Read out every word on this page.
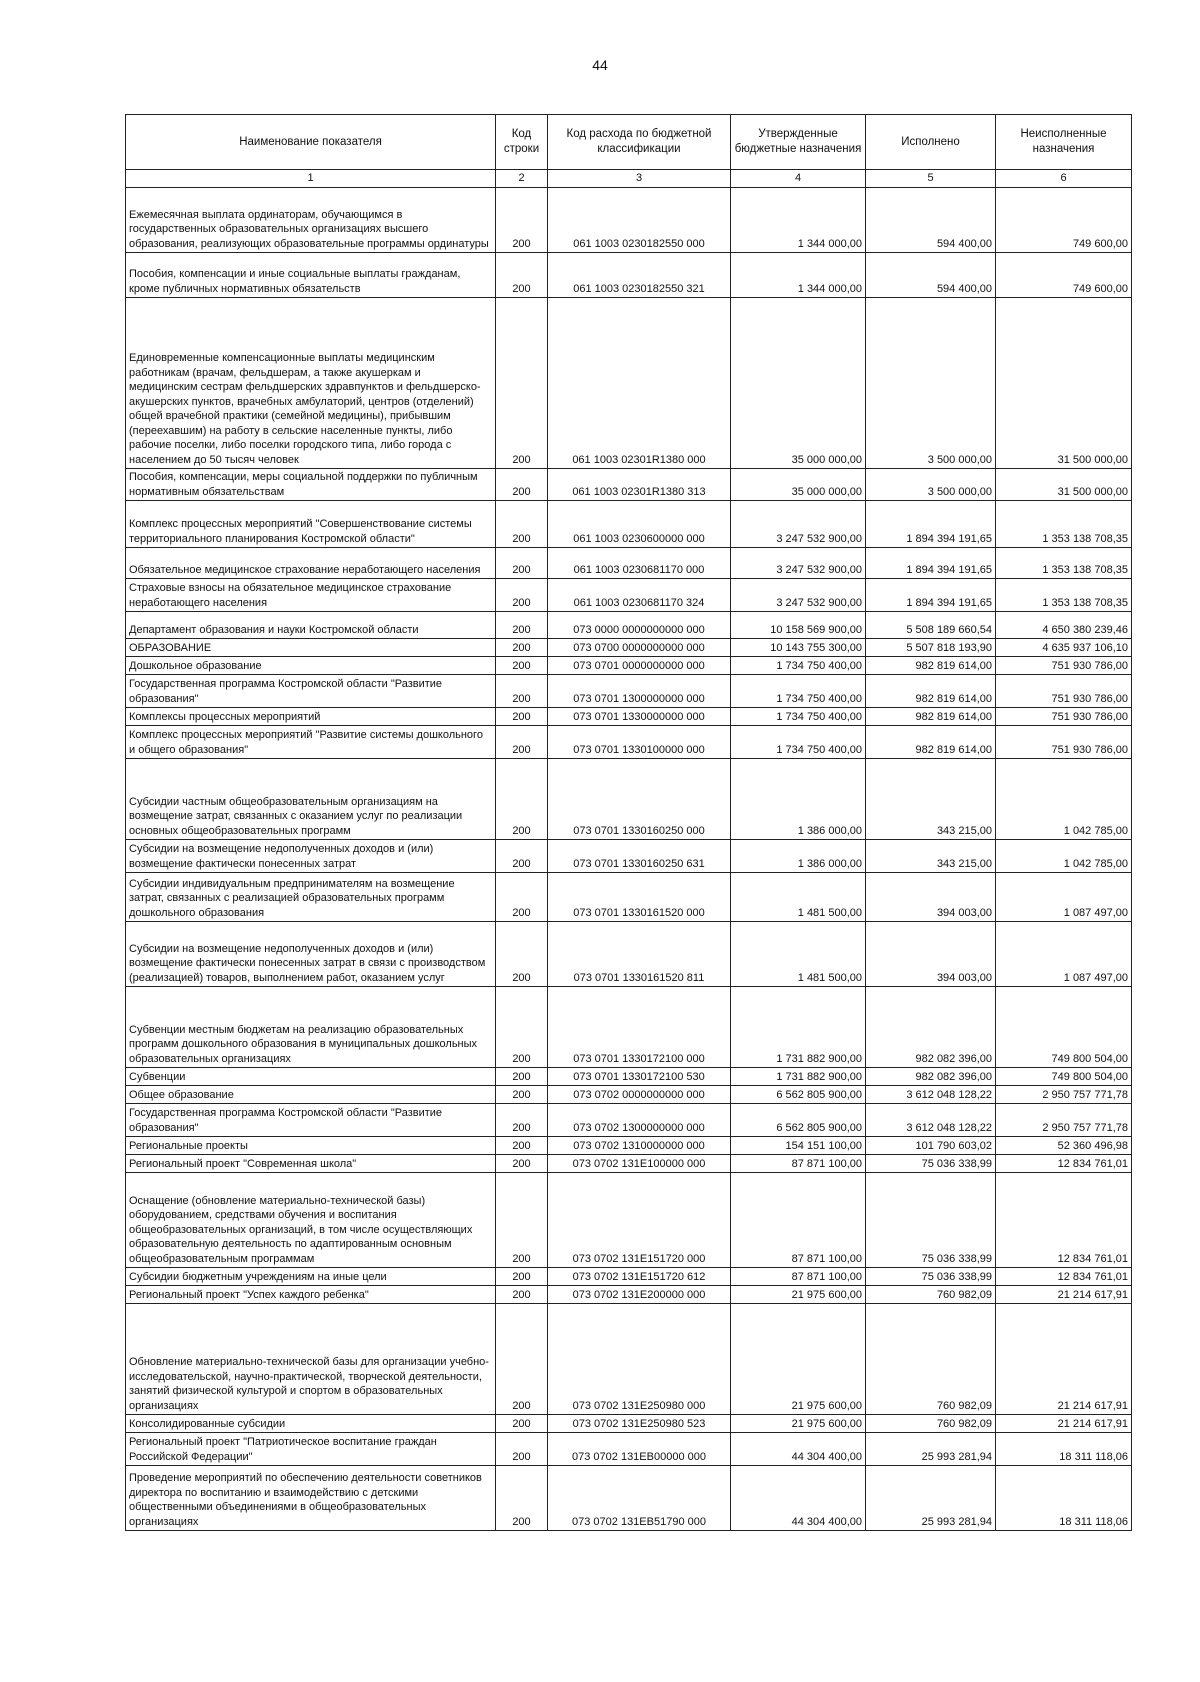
44
Наименование показателя	Код строки	Код расхода по бюджетной классификации	Утвержденные бюджетные назначения	Исполнено	Неисполненные назначения
1	2	3	4	5	6
Ежемесячная выплата ординаторам, обучающимся в государственных образовательных организациях высшего образования, реализующих образовательные программы ординатуры	200	061 1003 0230182550 000	1 344 000,00	594 400,00	749 600,00
Пособия, компенсации и иные социальные выплаты гражданам, кроме публичных нормативных обязательств	200	061 1003 0230182550 321	1 344 000,00	594 400,00	749 600,00
Единовременные компенсационные выплаты медицинским работникам (врачам, фельдшерам, а также акушеркам и медицинским сестрам фельдшерских здравпунктов и фельдшерско-акушерских пунктов, врачебных амбулаторий, центров (отделений) общей врачебной практики (семейной медицины), прибывшим (переехавшим) на работу в сельские населенные пункты, либо рабочие поселки, либо поселки городского типа, либо города с населением до 50 тысяч человек	200	061 1003 02301R1380 000	35 000 000,00	3 500 000,00	31 500 000,00
Пособия, компенсации, меры социальной поддержки по публичным нормативным обязательствам	200	061 1003 02301R1380 313	35 000 000,00	3 500 000,00	31 500 000,00
Комплекс процессных мероприятий "Совершенствование системы территориального планирования Костромской области"	200	061 1003 0230600000 000	3 247 532 900,00	1 894 394 191,65	1 353 138 708,35
Обязательное медицинское страхование неработающего населения	200	061 1003 0230681170 000	3 247 532 900,00	1 894 394 191,65	1 353 138 708,35
Страховые взносы на обязательное медицинское страхование неработающего населения	200	061 1003 0230681170 324	3 247 532 900,00	1 894 394 191,65	1 353 138 708,35
Департамент образования и науки Костромской области	200	073 0000 0000000000 000	10 158 569 900,00	5 508 189 660,54	4 650 380 239,46
ОБРАЗОВАНИЕ	200	073 0700 0000000000 000	10 143 755 300,00	5 507 818 193,90	4 635 937 106,10
Дошкольное образование	200	073 0701 0000000000 000	1 734 750 400,00	982 819 614,00	751 930 786,00
Государственная программа Костромской области "Развитие образования"	200	073 0701 1300000000 000	1 734 750 400,00	982 819 614,00	751 930 786,00
Комплексы процессных мероприятий	200	073 0701 1330000000 000	1 734 750 400,00	982 819 614,00	751 930 786,00
Комплекс процессных мероприятий "Развитие системы дошкольного и общего образования"	200	073 0701 1330100000 000	1 734 750 400,00	982 819 614,00	751 930 786,00
Субсидии частным общеобразовательным организациям на возмещение затрат, связанных с оказанием услуг по реализации основных общеобразовательных программ	200	073 0701 1330160250 000	1 386 000,00	343 215,00	1 042 785,00
Субсидии на возмещение недополученных доходов и (или) возмещение фактически понесенных затрат	200	073 0701 1330160250 631	1 386 000,00	343 215,00	1 042 785,00
Субсидии индивидуальным предпринимателям на возмещение затрат, связанных с реализацией образовательных программ дошкольного образования	200	073 0701 1330161520 000	1 481 500,00	394 003,00	1 087 497,00
Субсидии на возмещение недополученных доходов и (или) возмещение фактически понесенных затрат в связи с производством (реализацией) товаров, выполнением работ, оказанием услуг	200	073 0701 1330161520 811	1 481 500,00	394 003,00	1 087 497,00
Субвенции местным бюджетам на реализацию образовательных программ дошкольного образования в муниципальных дошкольных образовательных организациях	200	073 0701 1330172100 000	1 731 882 900,00	982 082 396,00	749 800 504,00
Субвенции	200	073 0701 1330172100 530	1 731 882 900,00	982 082 396,00	749 800 504,00
Общее образование	200	073 0702 0000000000 000	6 562 805 900,00	3 612 048 128,22	2 950 757 771,78
Государственная программа Костромской области "Развитие образования"	200	073 0702 1300000000 000	6 562 805 900,00	3 612 048 128,22	2 950 757 771,78
Региональные проекты	200	073 0702 1310000000 000	154 151 100,00	101 790 603,02	52 360 496,98
Региональный проект "Современная школа"	200	073 0702 131E100000 000	87 871 100,00	75 036 338,99	12 834 761,01
Оснащение (обновление материально-технической базы) оборудованием, средствами обучения и воспитания общеобразовательных организаций, в том числе осуществляющих образовательную деятельность по адаптированным основным общеобразовательным программам	200	073 0702 131E151720 000	87 871 100,00	75 036 338,99	12 834 761,01
Субсидии бюджетным учреждениям на иные цели	200	073 0702 131E151720 612	87 871 100,00	75 036 338,99	12 834 761,01
Региональный проект "Успех каждого ребенка"	200	073 0702 131E200000 000	21 975 600,00	760 982,09	21 214 617,91
Обновление материально-технической базы для организации учебно-исследовательской, научно-практической, творческой деятельности, занятий физической культурой и спортом в образовательных организациях	200	073 0702 131E250980 000	21 975 600,00	760 982,09	21 214 617,91
Консолидированные субсидии	200	073 0702 131E250980 523	21 975 600,00	760 982,09	21 214 617,91
Региональный проект "Патриотическое воспитание граждан Российской Федерации"	200	073 0702 131EB00000 000	44 304 400,00	25 993 281,94	18 311 118,06
Проведение мероприятий по обеспечению деятельности советников директора по воспитанию и взаимодействию с детскими общественными объединениями в общеобразовательных организациях	200	073 0702 131EB51790 000	44 304 400,00	25 993 281,94	18 311 118,06
